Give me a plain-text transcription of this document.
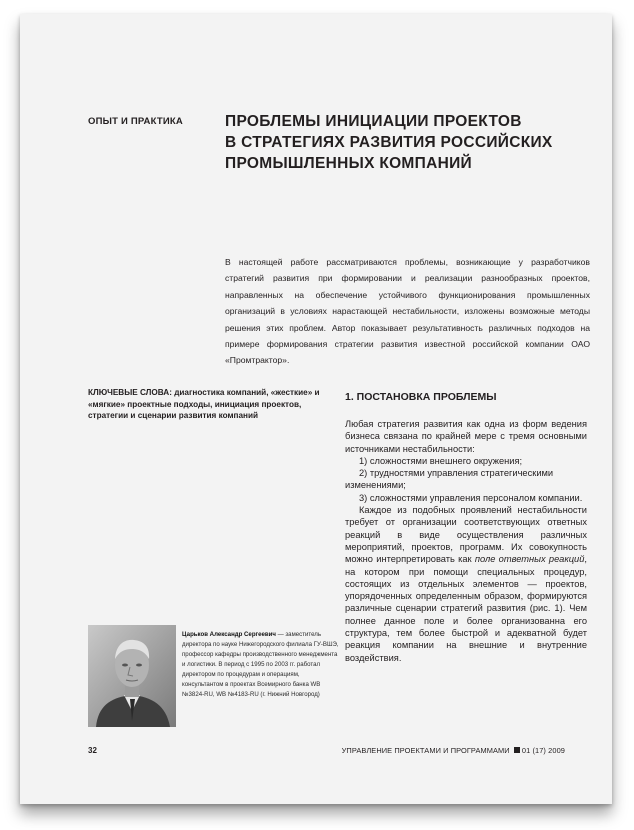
ОПЫТ И ПРАКТИКА	ПРОБЛЕМЫ ИНИЦИАЦИИ ПРОЕКТОВ
В СТРАТЕГИЯХ РАЗВИТИЯ РОССИЙСКИХ
ПРОМЫШЛЕННЫХ КОМПАНИЙ
В настоящей работе рассматриваются проблемы, возникающие у разработчиков стратегий развития при формировании и реализации разнообразных проектов, направленных на обеспечение устойчивого функционирования промышленных организаций в условиях нарастающей нестабильности, изложены возможные методы решения этих проблем. Автор показывает результативность различных подходов на примере формирования стратегии развития известной российской компании ОАО «Промтрактор».
КЛЮЧЕВЫЕ СЛОВА: диагностика компаний, «жесткие» и «мягкие» проектные подходы, инициация проектов, стратегии и сценарии развития компаний
1. ПОСТАНОВКА ПРОБЛЕМЫ

Любая стратегия развития как одна из форм ведения бизнеса связана по крайней мере с тремя основными источниками нестабильности:

1) сложностями внешнего окружения;

2) трудностями управления стратегическими изменениями;

3) сложностями управления персоналом компании.

Каждое из подобных проявлений нестабильности требует от организации соответствующих ответных реакций в виде осуществления различных мероприятий, проектов, программ. Их совокупность можно интерпретировать как поле ответных реакций, на котором при помощи специальных процедур, состоящих из отдельных элементов — проектов, упорядоченных определенным образом, формируются различные сценарии стратегий развития (рис. 1). Чем полнее данное поле и более организованна его структура, тем более быстрой и адекватной будет реакция компании на внешние и внутренние воздействия.

Царьков Александр Сергеевич — заместитель директора по науке Нижегородского филиала ГУ-ВШЭ, профессор кафедры производственного менеджмента и логистики. В период с 1995 по 2003 гг. работал директором по процедурам и операциям, консультантом в проектах Всемирного банка WB №3824-RU, WB №4183-RU (г. Нижний Новгород)
32	УПРАВЛЕНИЕ ПРОЕКТАМИ И ПРОГРАММАМИ 01 (17) 2009
